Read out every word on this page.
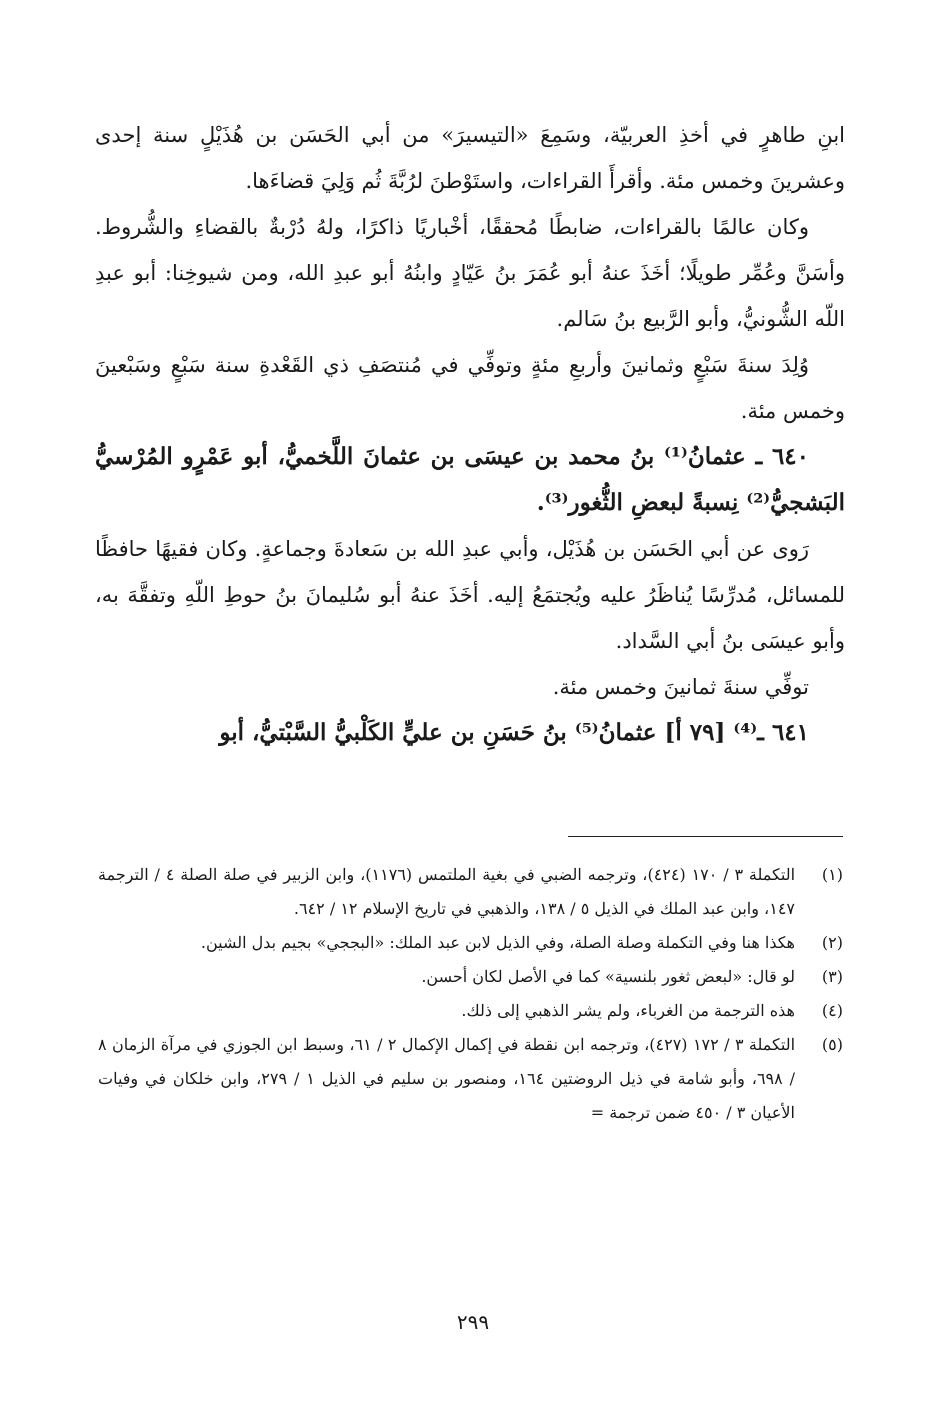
ابنِ طاهرٍ في أخذِ العربيّة، وسَمِعَ «التيسيرَ» من أبي الحَسَن بن هُذَيْلٍ سنة إحدى وعشرينَ وخمس مئة. وأقرأَ القراءات، واستَوْطنَ لرُبَّةَ ثُم وَلِيَ قضاءَها.

وكان عالمًا بالقراءات، ضابطًا مُحققًا، أخْباريًا ذاكرًا، ولهُ دُرْبةٌ بالقضاءِ والشُّروط. وأسَنَّ وعُمِّر طويلًا؛ أخَذَ عنهُ أبو عُمَرَ بنُ عَيّادٍ وابنُهُ أبو عبدِ الله، ومن شيوخِنا: أبو عبدِ اللّه الشُّونيُّ، وأبو الرَّبيع بنُ سَالم.

وُلِدَ سنةَ سَبْعٍ وثمانينَ وأربعِ مئةٍ وتوفِّي في مُنتصَفِ ذي القَعْدةِ سنة سَبْعٍ وسَبْعينَ وخمس مئة.

٦٤٠ ـ عثمانُ⁽¹⁾ بنُ محمد بن عيسَى بن عثمانَ اللَّخميُّ، أبو عَمْرٍو المُرْسيُّ البَشجيُّ⁽²⁾ نِسبةً لبعضِ الثُّغور⁽³⁾.

رَوى عن أبي الحَسَن بن هُذَيْل، وأبي عبدِ الله بن سَعادةَ وجماعةٍ. وكان فقيهًا حافظًا للمسائل، مُدرِّسًا يُناظَرُ عليه ويُجتمَعُ إليه. أخَذَ عنهُ أبو سُليمانَ بنُ حوطِ اللّهِ وتفقَّهَ به، وأبو عيسَى بنُ أبي السَّداد.

توفِّي سنةَ ثمانينَ وخمس مئة.

٦٤١ ـ⁽⁴⁾ [٧٩ أ] عثمانُ⁽⁵⁾ بنُ حَسَنِ بن عليٍّ الكَلْبيُّ السَّبْتيُّ، أبو

(١)
التكملة ٣ / ١٧٠ (٤٢٤)، وترجمه الضبي في بغية الملتمس (١١٧٦)، وابن الزبير في صلة الصلة ٤ / الترجمة ١٤٧، وابن عبد الملك في الذيل ٥ / ١٣٨، والذهبي في تاريخ الإسلام ١٢ / ٦٤٢.
(٢)
هكذا هنا وفي التكملة وصلة الصلة، وفي الذيل لابن عبد الملك: «البججي» بجيم بدل الشين.
(٣)
لو قال: «لبعض ثغور بلنسية» كما في الأصل لكان أحسن.
(٤)
هذه الترجمة من الغرباء، ولم يشر الذهبي إلى ذلك.
(٥)
التكملة ٣ / ١٧٢ (٤٢٧)، وترجمه ابن نقطة في إكمال الإكمال ٢ / ٦١، وسبط ابن الجوزي في مرآة الزمان ٨ / ٦٩٨، وأبو شامة في ذيل الروضتين ١٦٤، ومنصور بن سليم في الذيل ١ / ٢٧٩، وابن خلكان في وفيات الأعيان ٣ / ٤٥٠ ضمن ترجمة =
٢٩٩
